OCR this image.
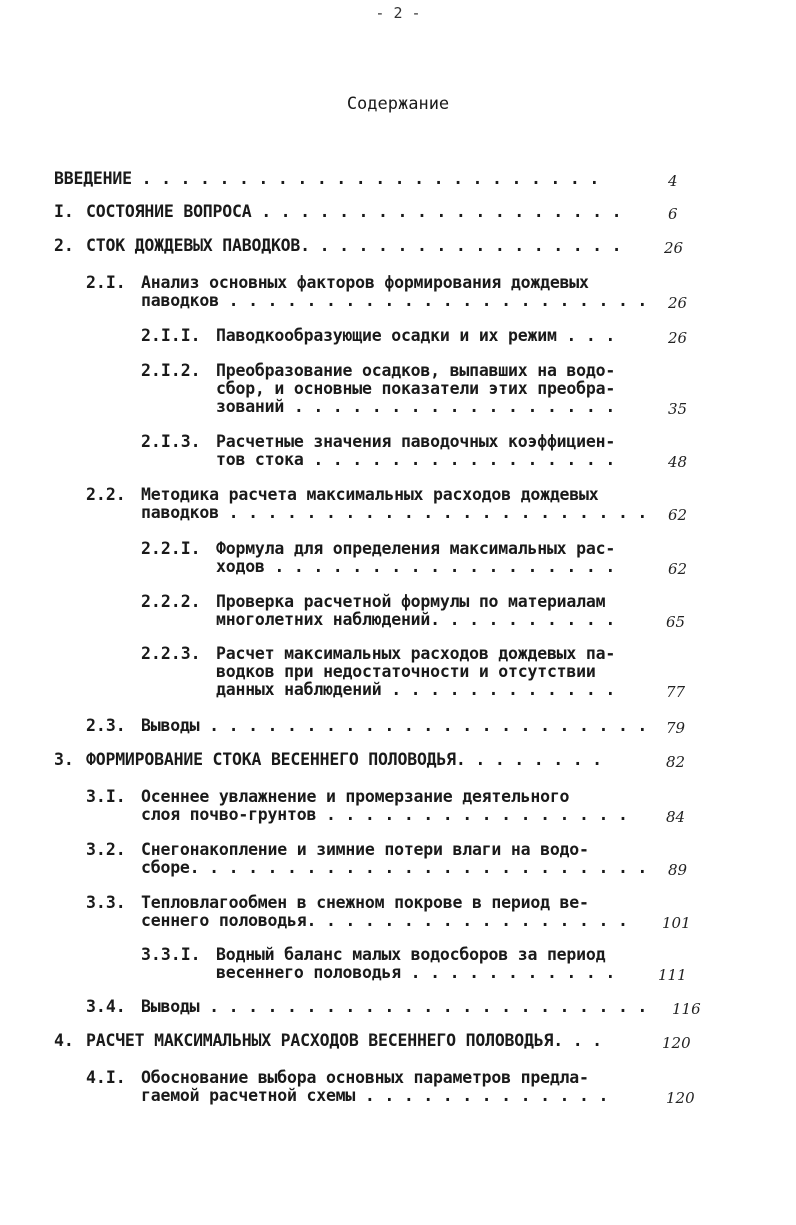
- 2 -
Содержание
ВВЕДЕНИЕ . . . . . . . . . . . . . . . . . . . . . . . .	4
I. СОСТОЯНИЕ ВОПРОСА . . . . . . . . . . . . . . . . . . .	6
2. СТОК ДОЖДЕВЫХ ПАВОДКОВ. . . . . . . . . . . . . . . . .	26
2.I. Анализ основных факторов формирования дождевых
паводков . . . . . . . . . . . . . . . . . . . . . . 26
2.I.I. Паводкообразующие осадки и их режим . . .	26
2.I.2. Преобразование осадков, выпавших на водо-
сбор, и основные показатели этих преобра-
зований . . . . . . . . . . . . . . . . .	35
2.I.3. Расчетные значения паводочных коэффициен-
тов стока . . . . . . . . . . . . . . . .	48
2.2. Методика расчета максимальных расходов дождевых
паводков . . . . . . . . . . . . . . . . . . . . . . 62
2.2.I. Формула для определения максимальных рас-
ходов . . . . . . . . . . . . . . . . . .	62
2.2.2. Проверка расчетной формулы по материалам
многолетних наблюдений. . . . . . . . . .	65
2.2.3. Расчет максимальных расходов дождевых па-
водков при недостаточности и отсутствии
данных наблюдений . . . . . . . . . . . .	77
2.3. Выводы . . . . . . . . . . . . . . . . . . . . . . . 79
3. ФОРМИРОВАНИЕ СТОКА ВЕСЕННЕГО ПОЛОВОДЬЯ. . . . . . . .	82
3.I. Осеннее увлажнение и промерзание деятельного
слоя почво-грунтов . . . . . . . . . . . . . . . .	84
3.2. Снегонакопление и зимние потери влаги на водо-
сборе. . . . . . . . . . . . . . . . . . . . . . . . 89
3.3. Тепловлагообмен в снежном покрове в период ве-
сеннего половодья. . . . . . . . . . . . . . . . . 101
3.3.I. Водный баланс малых водосборов за период
весеннего половодья . . . . . . . . . . .	111
3.4. Выводы . . . . . . . . . . . . . . . . . . . . . . . 116
4. РАСЧЕТ МАКСИМАЛЬНЫХ РАСХОДОВ ВЕСЕННЕГО ПОЛОВОДЬЯ. . .	120
4.I. Обоснование выбора основных параметров предла-
гаемой расчетной схемы . . . . . . . . . . . . .	120
